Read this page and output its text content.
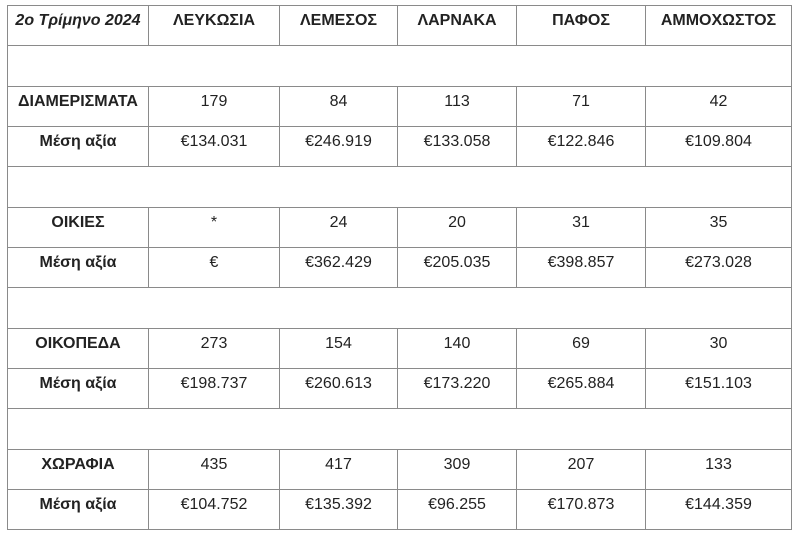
2ο Τρίμηνο 2024	ΛΕΥΚΩΣΙΑ	ΛΕΜΕΣΟΣ	ΛΑΡΝΑΚΑ	ΠΑΦΟΣ	ΑΜΜΟΧΩΣΤΟΣ

ΔΙΑΜΕΡΙΣΜΑΤΑ	179	84	113	71	42
Μέση αξία	€134.031	€246.919	€133.058	€122.846	€109.804

ΟΙΚΙΕΣ	*	24	20	31	35
Μέση αξία	€	€362.429	€205.035	€398.857	€273.028

ΟΙΚΟΠΕΔΑ	273	154	140	69	30
Μέση αξία	€198.737	€260.613	€173.220	€265.884	€151.103

ΧΩΡΑΦΙΑ	435	417	309	207	133
Μέση αξία	€104.752	€135.392	€96.255	€170.873	€144.359
